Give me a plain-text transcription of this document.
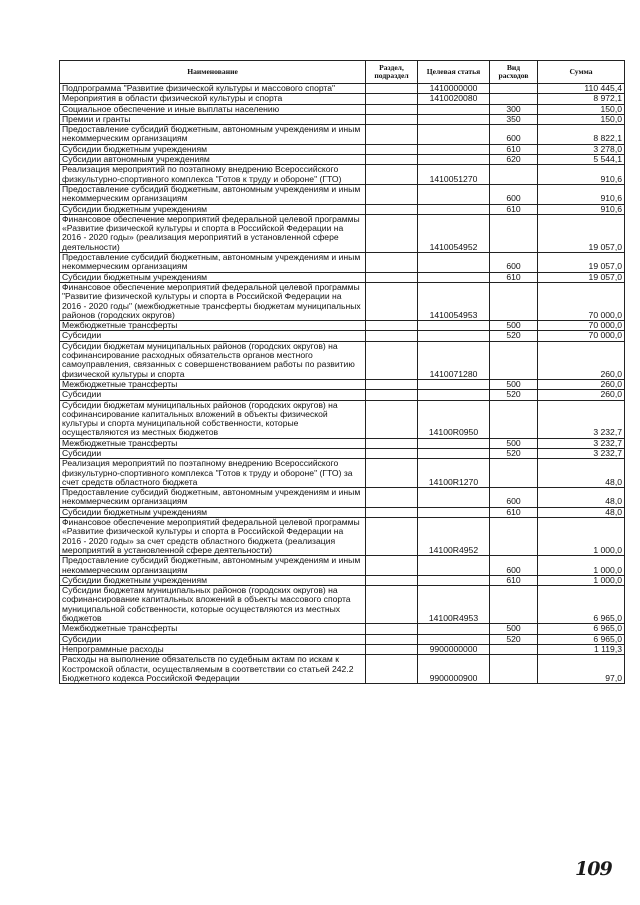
Наименование	Раздел, подраздел	Целевая статья	Вид расходов	Сумма
Подпрограмма "Развитие физической культуры и массового спорта"		1410000000		110 445,4
Мероприятия в области физической культуры и спорта		1410020080		8 972,1
Социальное обеспечение и иные выплаты населению			300	150,0
Премии и гранты			350	150,0
Предоставление субсидий бюджетным, автономным учреждениям и иным некоммерческим организациям			600	8 822,1
Субсидии бюджетным учреждениям			610	3 278,0
Субсидии автономным учреждениям			620	5 544,1
Реализация мероприятий по поэтапному внедрению Всероссийского физкультурно-спортивного комплекса "Готов к труду и обороне" (ГТО)		1410051270		910,6
Предоставление субсидий бюджетным, автономным учреждениям и иным некоммерческим организациям			600	910,6
Субсидии бюджетным учреждениям			610	910,6
Финансовое обеспечение мероприятий федеральной целевой программы «Развитие физической культуры и спорта в Российской Федерации на 2016 - 2020 годы» (реализация мероприятий в установленной сфере деятельности)		1410054952		19 057,0
Предоставление субсидий бюджетным, автономным учреждениям и иным некоммерческим организациям			600	19 057,0
Субсидии бюджетным учреждениям			610	19 057,0
Финансовое обеспечение мероприятий федеральной целевой программы "Развитие физической культуры и спорта в Российской Федерации на 2016 - 2020 годы" (межбюджетные трансферты бюджетам муниципальных районов (городских округов)		1410054953		70 000,0
Межбюджетные трансферты			500	70 000,0
Субсидии			520	70 000,0
Субсидии бюджетам муниципальных районов (городских округов) на софинансирование расходных обязательств органов местного самоуправления, связанных с совершенствованием работы по развитию физической культуры и спорта		1410071280		260,0
Межбюджетные трансферты			500	260,0
Субсидии			520	260,0
Субсидии бюджетам муниципальных районов (городских округов) на софинансирование капитальных вложений в объекты физической культуры и спорта муниципальной собственности, которые осуществляются из местных бюджетов		14100R0950		3 232,7
Межбюджетные трансферты			500	3 232,7
Субсидии			520	3 232,7
Реализация мероприятий по поэтапному внедрению Всероссийского физкультурно-спортивного комплекса "Готов к труду и обороне" (ГТО) за счет средств областного бюджета		14100R1270		48,0
Предоставление субсидий бюджетным, автономным учреждениям и иным некоммерческим организациям			600	48,0
Субсидии бюджетным учреждениям			610	48,0
Финансовое обеспечение мероприятий федеральной целевой программы «Развитие физической культуры и спорта в Российской Федерации на 2016 - 2020 годы» за счет средств областного бюджета (реализация мероприятий в установленной сфере деятельности)		14100R4952		1 000,0
Предоставление субсидий бюджетным, автономным учреждениям и иным некоммерческим организациям			600	1 000,0
Субсидии бюджетным учреждениям			610	1 000,0
Субсидии бюджетам муниципальных районов (городских округов) на софинансирование капитальных вложений в объекты массового спорта муниципальной собственности, которые осуществляются из местных бюджетов		14100R4953		6 965,0
Межбюджетные трансферты			500	6 965,0
Субсидии			520	6 965,0
Непрограммные расходы		9900000000		1 119,3
Расходы на выполнение обязательств по судебным актам по искам к Костромской области, осуществляемым в соответствии со статьей 242.2 Бюджетного кодекса Российской Федерации		9900000900		97,0
109
